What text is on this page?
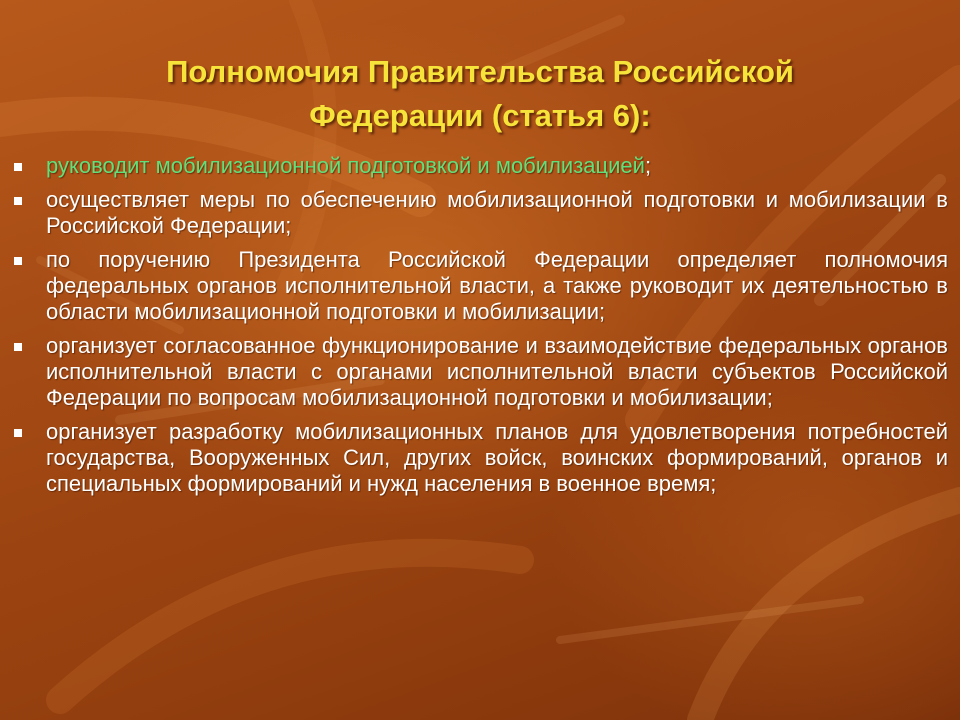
Полномочия Правительства Российской
Федерации (статья 6):
руководит мобилизационной подготовкой и мобилизацией;
осуществляет меры по обеспечению мобилизационной подготовки и мобилизации в Российской Федерации;
по поручению Президента Российской Федерации определяет полномочия федеральных органов исполнительной власти, а также руководит их деятельностью в области мобилизационной подготовки и мобилизации;
организует согласованное функционирование и взаимодействие федеральных органов исполнительной власти с органами исполнительной власти субъектов Российской Федерации по вопросам мобилизационной подготовки и мобилизации;
организует разработку мобилизационных планов для удовлетворения потребностей государства, Вооруженных Сил, других войск, воинских формирований, органов и специальных формирований и нужд населения в военное время;
